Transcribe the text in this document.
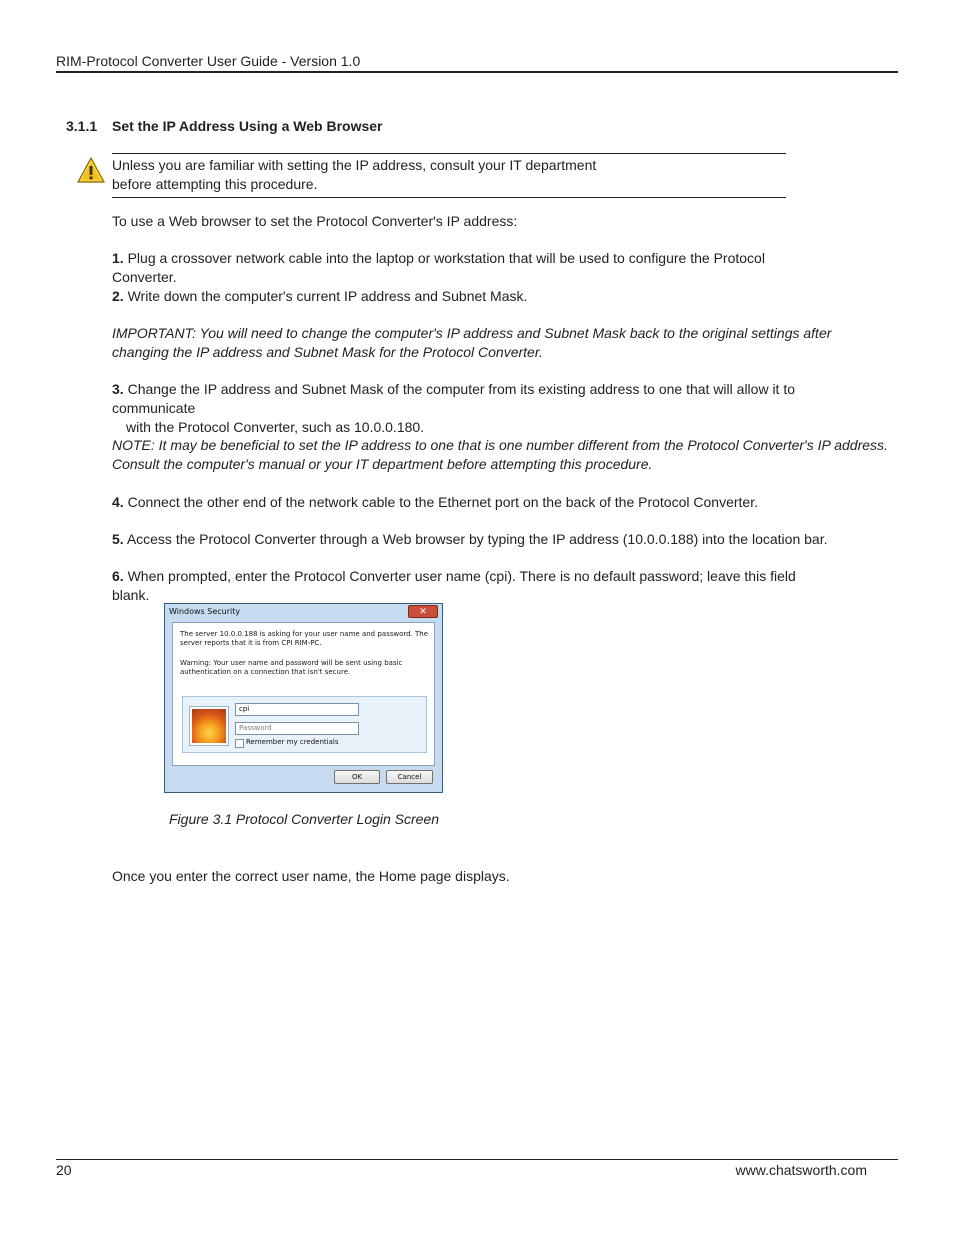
RIM-Protocol Converter User Guide - Version 1.0
3.1.1 Set the IP Address Using a Web Browser
Unless you are familiar with setting the IP address, consult your IT department
before attempting this procedure.
To use a Web browser to set the Protocol Converter's IP address:
1. Plug a crossover network cable into the laptop or workstation that will be used to configure the Protocol Converter.
2. Write down the computer's current IP address and Subnet Mask.
IMPORTANT: You will need to change the computer's IP address and Subnet Mask back to the original settings after
changing the IP address and Subnet Mask for the Protocol Converter.
3. Change the IP address and Subnet Mask of the computer from its existing address to one that will allow it to communicate
with the Protocol Converter, such as 10.0.0.180.
NOTE: It may be beneficial to set the IP address to one that is one number different from the Protocol Converter's IP address.
Consult the computer's manual or your IT department before attempting this procedure.
4. Connect the other end of the network cable to the Ethernet port on the back of the Protocol Converter.
5. Access the Protocol Converter through a Web browser by typing the IP address (10.0.0.188) into the location bar.
6. When prompted, enter the Protocol Converter user name (cpi). There is no default password; leave this field blank.
Windows Security	✕
The server 10.0.0.188 is asking for your user name and password. The
server reports that it is from CPI RIM-PC.
Warning: Your user name and password will be sent using basic
authentication on a connection that isn't secure.
cpi
Password
Remember my credentials
OK	Cancel
Figure 3.1 Protocol Converter Login Screen
Once you enter the correct user name, the Home page displays.
20	www.chatsworth.com
